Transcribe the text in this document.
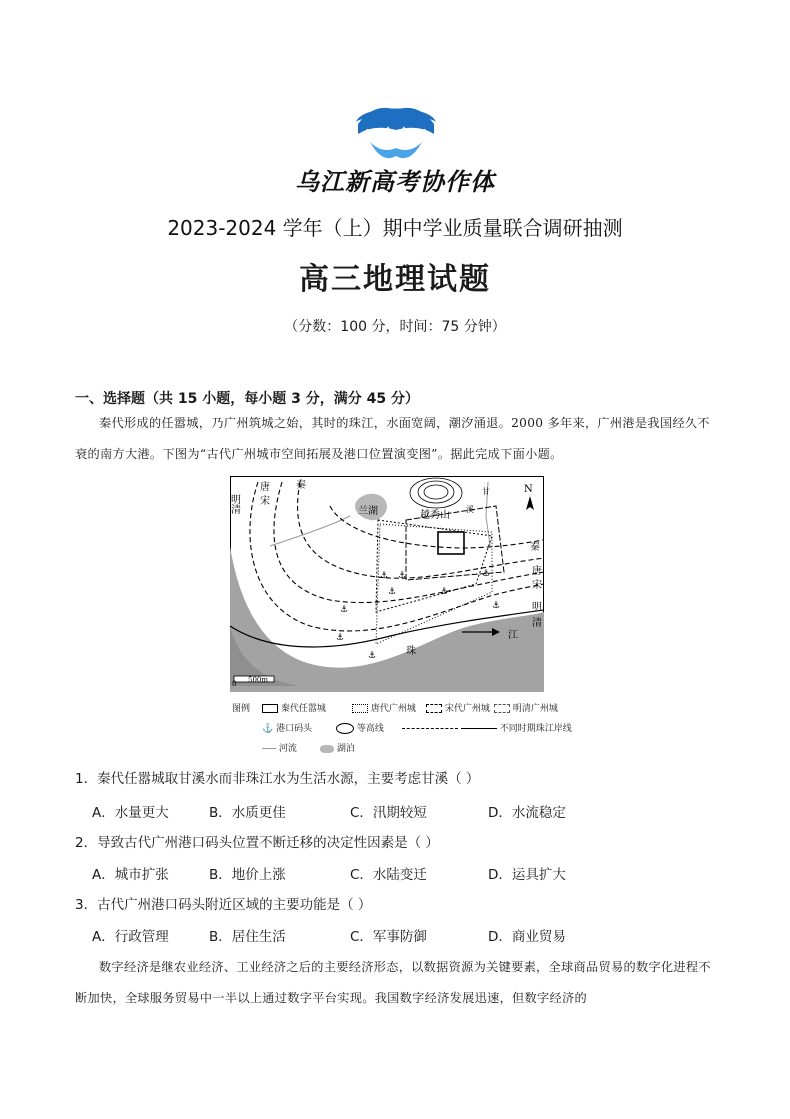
乌江新高考协作体
2023-2024 学年（上）期中学业质量联合调研抽测
高三地理试题
（分数：100 分，时间：75 分钟）
一、选择题（共 15 小题，每小题 3 分，满分 45 分）
秦代形成的任嚣城，乃广州筑城之始，其时的珠江，水面宽阔，潮汐涌退。2000 多年来，广州港是我国经久不衰的南方大港。下图为“古代广州城市空间拓展及港口位置演变图”。据此完成下面小题。
明清
唐
宋
秦
兰湖	越秀山
甘
溪
N
秦
唐
宋
明
清
江
珠
0 500m
⚓ ⚓
⚓
⚓	⚓
⚓
⚓
⚓
⚓
图例	秦代任嚣城	唐代广州城	宋代广州城	明清广州城
⚓ 港口码头	等高线	不同时期珠江岸线
河流	湖泊
1．秦代任嚣城取甘溪水而非珠江水为生活水源，主要考虑甘溪（ ）
A．水量更大	B．水质更佳	C．汛期较短	D．水流稳定
2．导致古代广州港口码头位置不断迁移的决定性因素是（ ）
A．城市扩张	B．地价上涨	C．水陆变迁	D．运具扩大
3．古代广州港口码头附近区域的主要功能是（ ）
A．行政管理	B．居住生活	C．军事防御	D．商业贸易
数字经济是继农业经济、工业经济之后的主要经济形态，以数据资源为关键要素，全球商品贸易的数字化进程不断加快，全球服务贸易中一半以上通过数字平台实现。我国数字经济发展迅速，但数字经济的
